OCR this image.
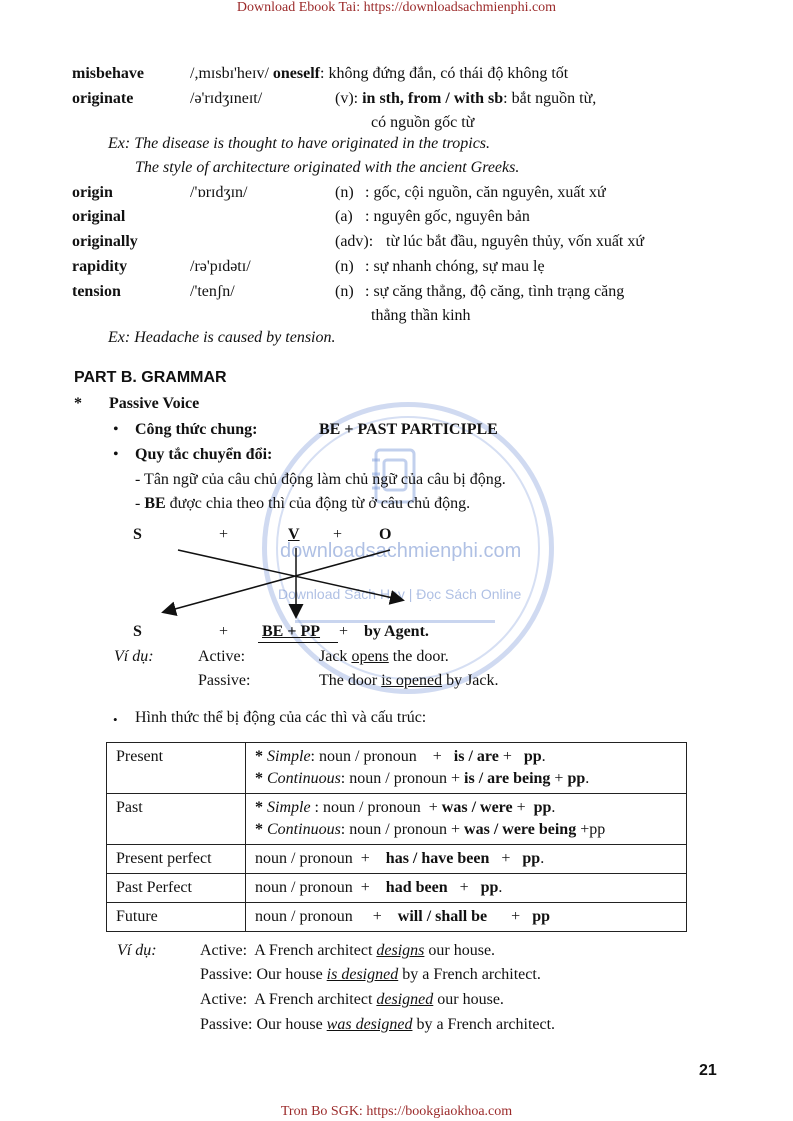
Download Ebook Tai: https://downloadsachmienphi.com
Tron Bo SGK: https://bookgiaokhoa.com
downloadsachmienphi.com
Download Sách Hay | Đọc Sách Online
misbehave	/,mɪsbɪ'heɪv/ oneself: không đứng đắn, có thái độ không tốt
originate	/ə'rɪdʒɪneɪt/	(v): in sth, from / with sb: bắt nguồn từ,
có nguồn gốc từ
Ex: The disease is thought to have originated in the tropics.
The style of architecture originated with the ancient Greeks.
origin	/'ɒrɪdʒɪn/	(n) : gốc, cội nguồn, căn nguyên, xuất xứ
original	(a) : nguyên gốc, nguyên bản
originally	(adv): từ lúc bắt đầu, nguyên thủy, vốn xuất xứ
rapidity	/rə'pɪdətɪ/	(n) : sự nhanh chóng, sự mau lẹ
tension	/'tenʃn/	(n) : sự căng thẳng, độ căng, tình trạng căng
thẳng thần kinh
Ex: Headache is caused by tension.
PART B. GRAMMAR
* Passive Voice
• Công thức chung:	BE + PAST PARTICIPLE
• Quy tắc chuyển đổi:
- Tân ngữ của câu chủ động làm chủ ngữ của câu bị động.
- BE được chia theo thì của động từ ở câu chủ động.
S	+	V + O
S	+ BE + PP + by Agent.
Ví dụ:	Active:	Jack opens the door.
Passive:	The door is opened by Jack.
• Hình thức thể bị động của các thì và cấu trúc:
Present	* Simple: noun / pronoun    +   is / are +   pp.
* Continuous: noun / pronoun + is / are being + pp.

Past	* Simple : noun / pronoun  + was / were +  pp.
* Continuous: noun / pronoun + was / were being +pp

Present perfect	noun / pronoun  +    has / have been   +   pp.
Past Perfect	noun / pronoun  +    had been   +   pp.
Future	noun / pronoun     +    will / shall be      +   pp
Ví dụ:	Active:  A French architect designs our house.
Passive: Our house is designed by a French architect.
Active:  A French architect designed our house.
Passive: Our house was designed by a French architect.
21
